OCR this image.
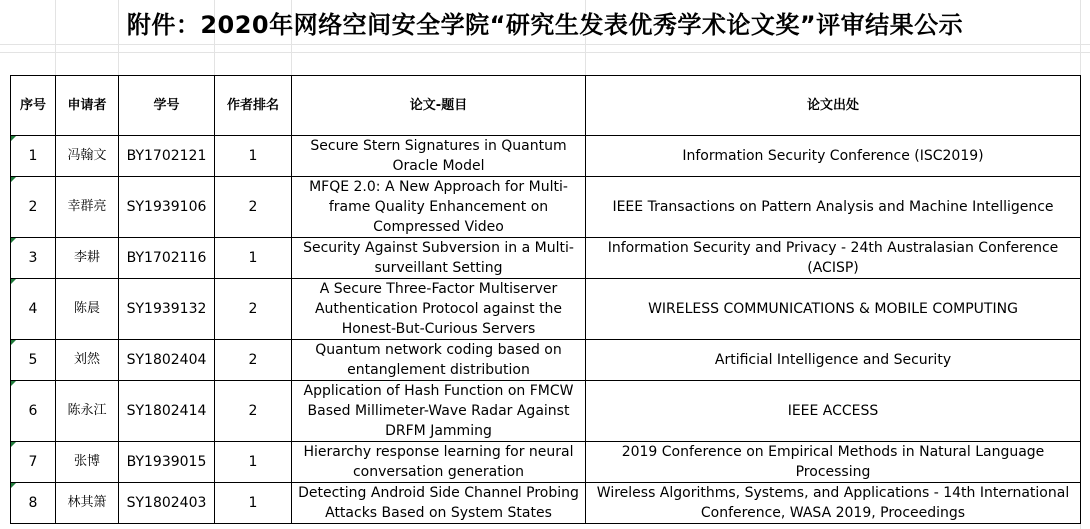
附件：2020年网络空间安全学院“研究生发表优秀学术论文奖”评审结果公示
序号	申请者	学号	作者排名	论文-题目	论文出处

1	冯翰文	BY1702121	1	Secure Stern Signatures in Quantum Oracle Model	Information Security Conference (ISC2019)

2	幸群亮	SY1939106	2	MFQE 2.0: A New Approach for Multi-frame Quality Enhancement on Compressed Video	IEEE Transactions on Pattern Analysis and Machine Intelligence

3	李耕	BY1702116	1	Security Against Subversion in a Multi-surveillant Setting	Information Security and Privacy - 24th Australasian Conference (ACISP)

4	陈晨	SY1939132	2	A Secure Three-Factor Multiserver Authentication Protocol against the Honest-But-Curious Servers	WIRELESS COMMUNICATIONS & MOBILE COMPUTING

5	刘然	SY1802404	2	Quantum network coding based on entanglement distribution	Artificial Intelligence and Security

6	陈永江	SY1802414	2	Application of Hash Function on FMCW Based Millimeter-Wave Radar Against DRFM Jamming	IEEE ACCESS

7	张博	BY1939015	1	Hierarchy response learning for neural conversation generation	2019 Conference on Empirical Methods in Natural Language Processing

8	林其箫	SY1802403	1	Detecting Android Side Channel Probing Attacks Based on System States	Wireless Algorithms, Systems, and Applications - 14th International Conference, WASA 2019, Proceedings
